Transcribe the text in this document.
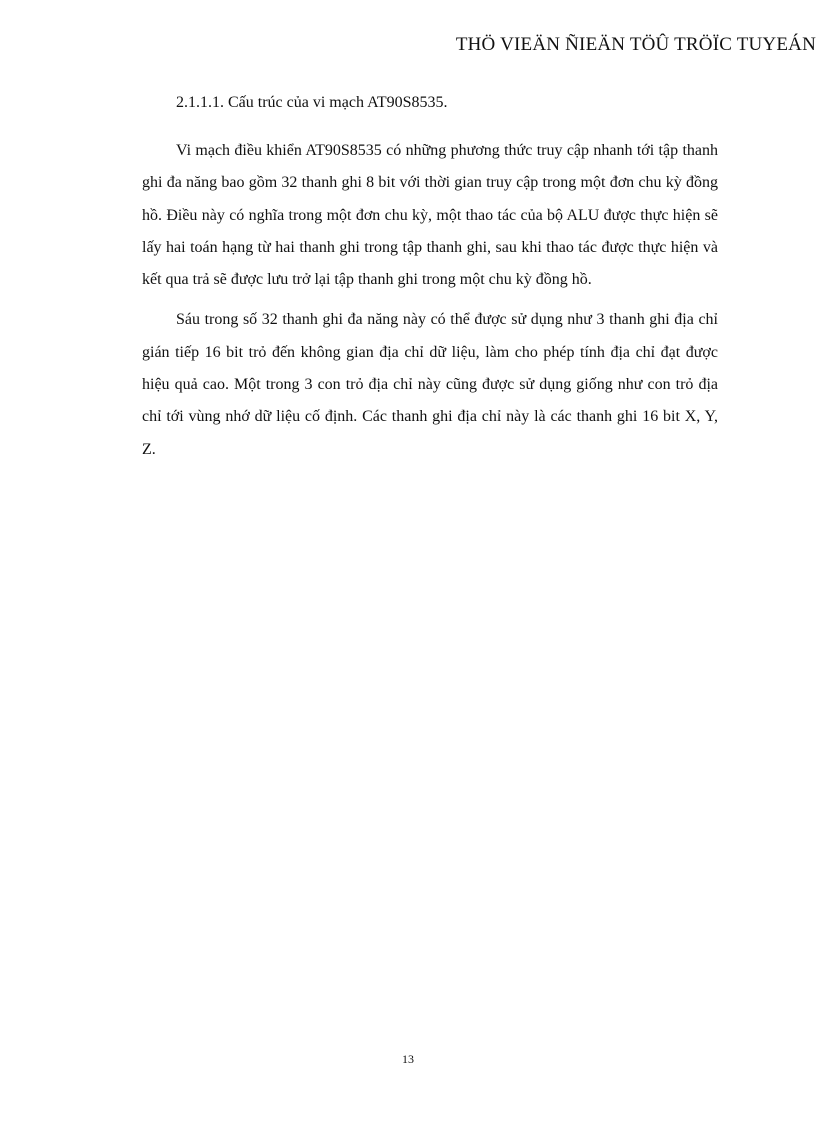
THÖ VIEÄN ÑIEÄN TÖÛ TRÖÏC TUYEÁN

2.1.1.1. Cấu trúc của vi mạch AT90S8535.

Vi mạch điều khiển AT90S8535 có những phương thức truy cập nhanh tới tập thanh ghi đa năng bao gồm 32 thanh ghi 8 bit với thời gian truy cập trong một đơn chu kỳ đồng hồ. Điều này có nghĩa trong một đơn chu kỳ, một thao tác của bộ ALU được thực hiện sẽ lấy hai toán hạng từ hai thanh ghi trong tập thanh ghi, sau khi thao tác được thực hiện và kết qua trả sẽ được lưu trở lại tập thanh ghi trong một chu kỳ đồng hồ.

Sáu trong số 32 thanh ghi đa năng này có thể được sử dụng như 3 thanh ghi địa chỉ gián tiếp 16 bit trỏ đến không gian địa chỉ dữ liệu, làm cho phép tính địa chỉ đạt được hiệu quả cao. Một trong 3 con trỏ địa chỉ này cũng được sử dụng giống như con trỏ địa chỉ tới vùng nhớ dữ liệu cố định. Các thanh ghi địa chỉ này là các thanh ghi 16 bit X, Y, Z.

13
